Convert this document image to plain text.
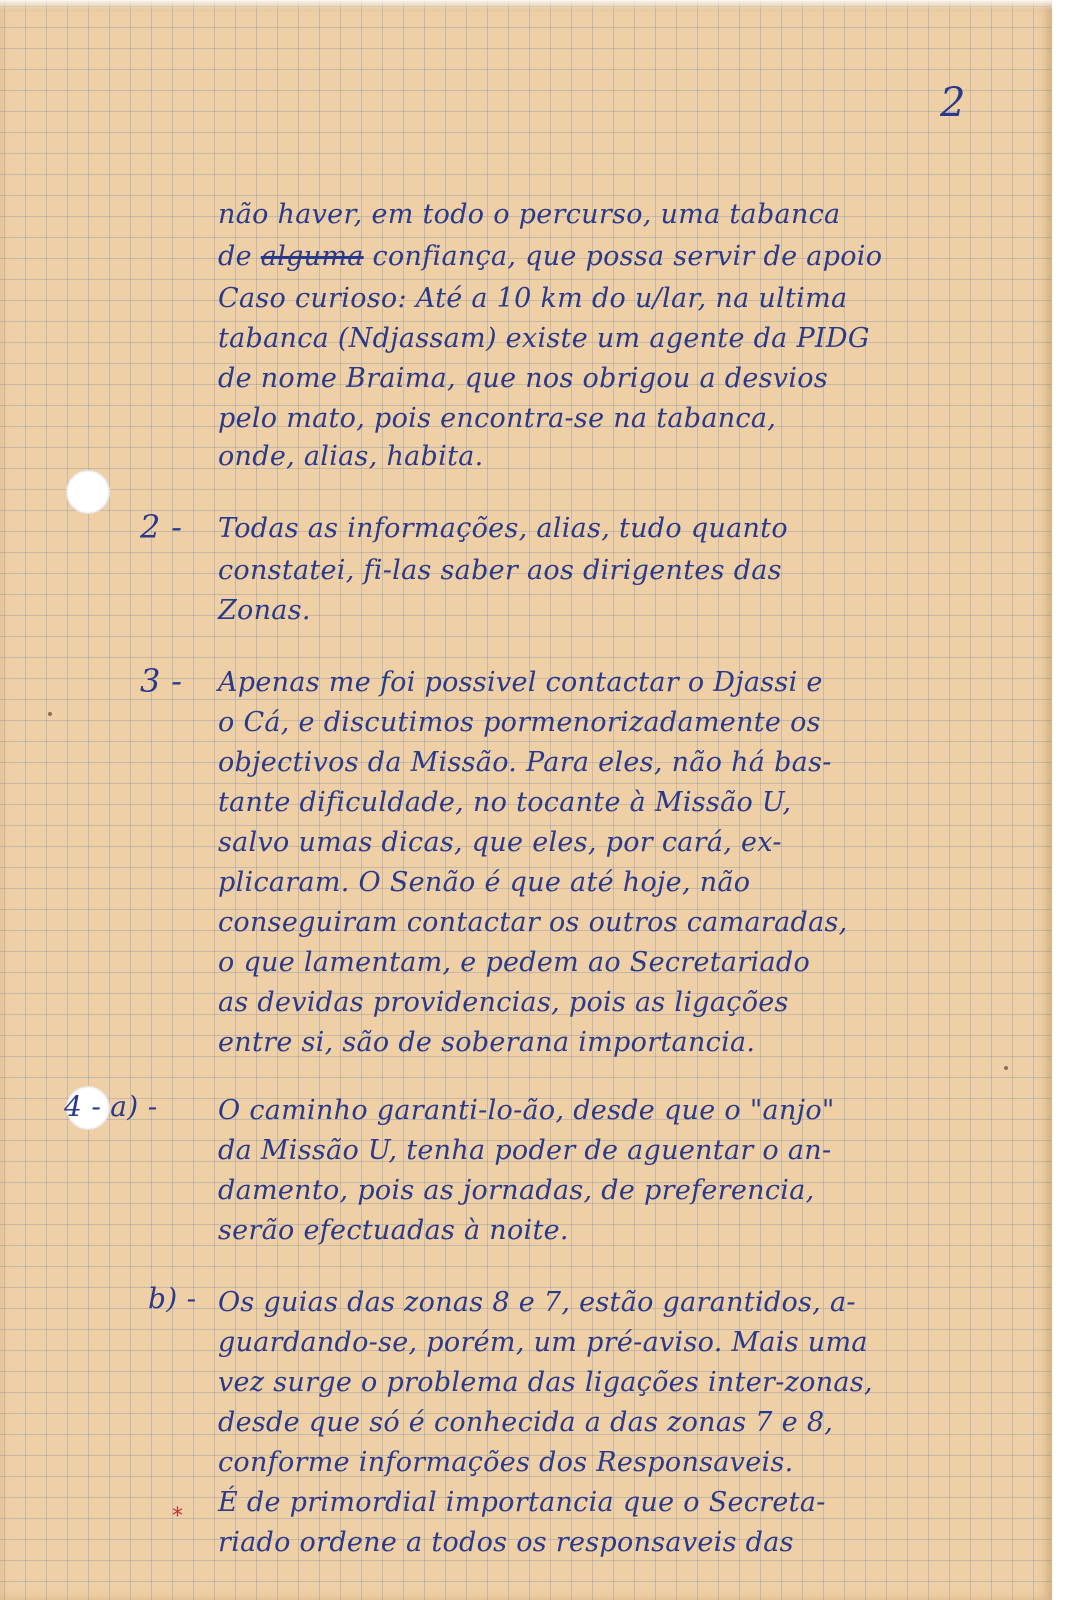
2
não haver, em todo o percurso, uma tabanca
de alguma confiança, que possa servir de apoio
Caso curioso: Até a 10 km do u/lar, na ultima
tabanca (Ndjassam) existe um agente da PIDG
de nome Braima, que nos obrigou a desvios
pelo mato, pois encontra-se na tabanca,
onde, alias, habita.
2 - Todas as informações, alias, tudo quanto
constatei, fi-las saber aos dirigentes das
Zonas.
3 - Apenas me foi possivel contactar o Djassi e
o Cá, e discutimos pormenorizadamente os
objectivos da Missão. Para eles, não há bas-
tante dificuldade, no tocante à Missão U,
salvo umas dicas, que eles, por cará, ex-
plicaram. O Senão é que até hoje, não
conseguiram contactar os outros camaradas,
o que lamentam, e pedem ao Secretariado
as devidas providencias, pois as ligações
entre si, são de soberana importancia.
4 - a) - O caminho garanti-lo-ão, desde que o "anjo"
da Missão U, tenha poder de aguentar o an-
damento, pois as jornadas, de preferencia,
serão efectuadas à noite.
b) - Os guias das zonas 8 e 7, estão garantidos, a-
guardando-se, porém, um pré-aviso. Mais uma
vez surge o problema das ligações inter-zonas,
desde que só é conhecida a das zonas 7 e 8,
conforme informações dos Responsaveis.
É de primordial importancia que o Secreta-
riado ordene a todos os responsaveis das
*
